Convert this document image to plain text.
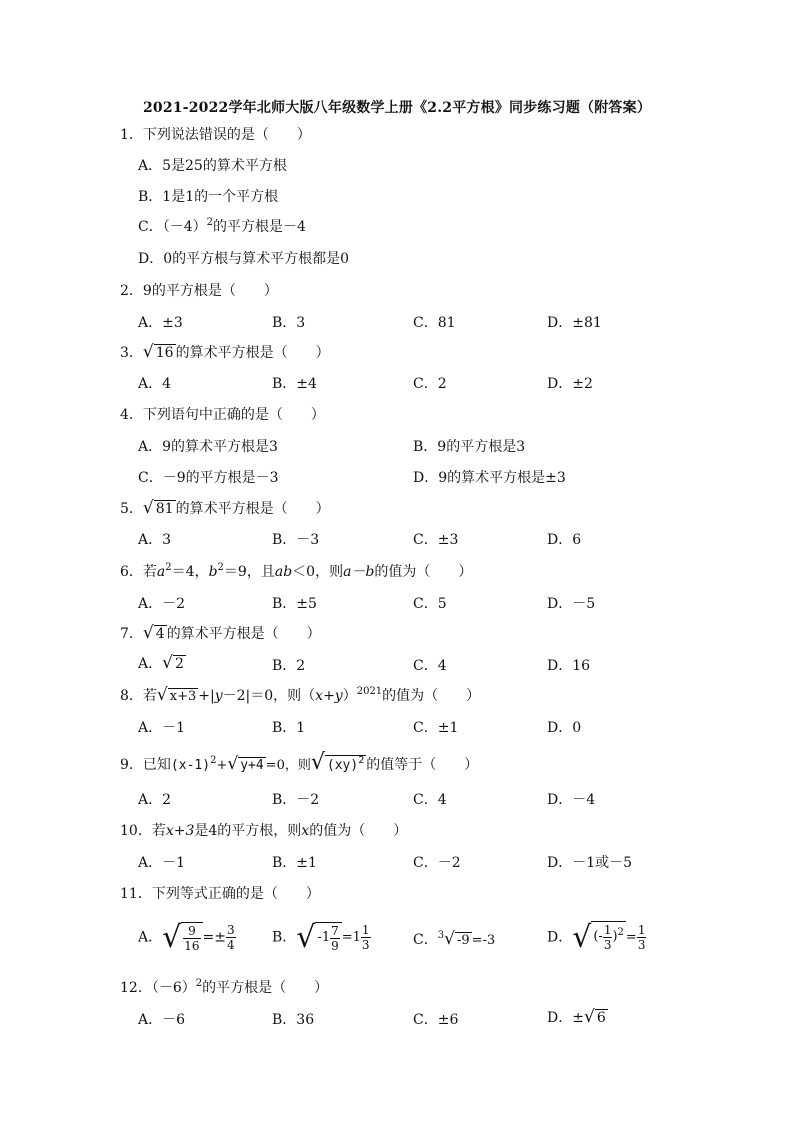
2021-2022学年北师大版八年级数学上册《2.2平方根》同步练习题（附答案）
1．下列说法错误的是（　　）
A．5是25的算术平方根
B．1是1的一个平方根
C．$(-4)^2$的平方根是－4
D．0的平方根与算术平方根都是0
2．9的平方根是（　　）
A．±3	B．3	C．81	D．±81
3．√ 16 的算术平方根是（　　）
A．4	B．±4	C．2	D．±2
4．下列语句中正确的是（　　）
A．9的算术平方根是3	B．9的平方根是3
C．－9的平方根是－3	D．9的算术平方根是±3
5．√ 81 的算术平方根是（　　）
A．3	B．－3	C．±3	D．6
6．若$a^2=4$，$b^2=9$，且ab＜0，则a－b的值为（　　）
A．－2	B．±5	C．5	D．－5
7．√ 4 的算术平方根是（　　）
A．√ 2	B．2	C．4	D．16
8．若√ x+3 +|y－2|＝0，则$(x+y)^{2021}$的值为（　　）
A．－1	B．1	C．±1	D．0
9．已知$(x-1)^2+√$ y+4 =0，则√ (xy)$^2$ 的值等于（　　）
A．2	B．－2	C．4	D．－4
10．若x+3是4的平方根，则x的值为（　　）
A．－1	B．±1	C．－2	D．－1或－5
11．下列等式正确的是（　　）
A．√ $\frac{9}{16} =\pm \frac{3}{4}$	B．√ $-1 \frac{7}{9} =1 \frac{1}{3}$	C．$^3$√ -9 =-3	D．√ (- $\frac{1}{3} )^2 = \frac{1}{3}$
12．$(-6)^2$的平方根是（　　）
A．－6	B．36	C．±6	D．±√ 6
